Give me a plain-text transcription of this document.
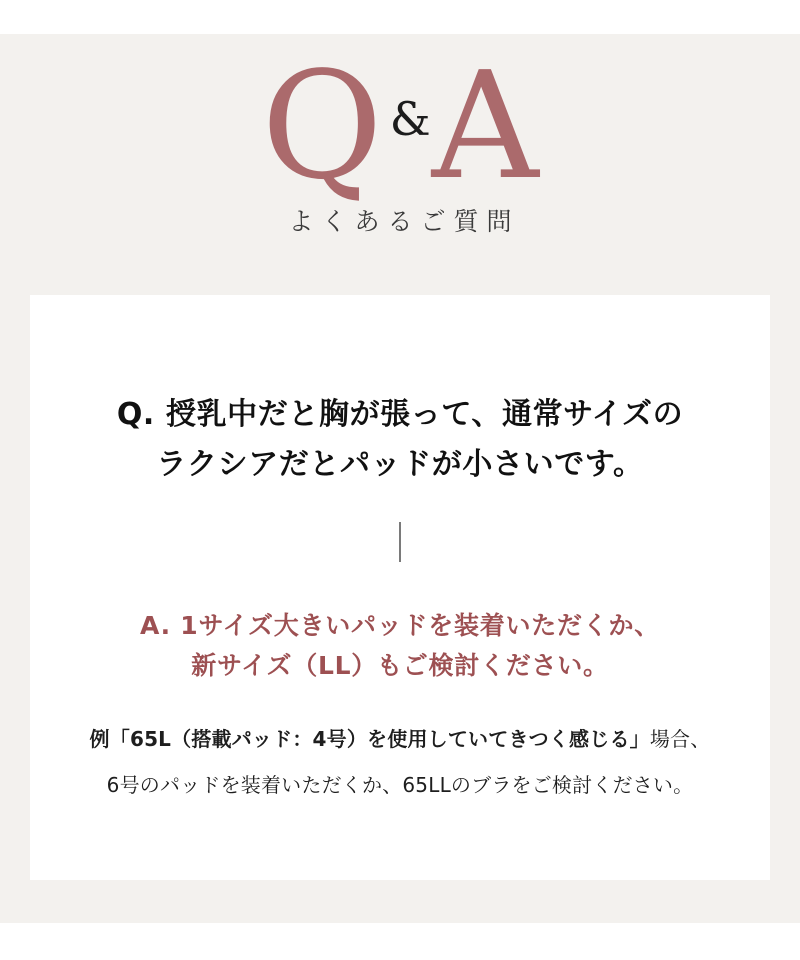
Q & A
よくあるご質問
Q. 授乳中だと胸が張って、通常サイズの
ラクシアだとパッドが小さいです。
A. 1サイズ大きいパッドを装着いただくか、
新サイズ（LL）もご検討ください。
例「65L（搭載パッド：4号）を使用していてきつく感じる」場合、
6号のパッドを装着いただくか、65LLのブラをご検討ください。
